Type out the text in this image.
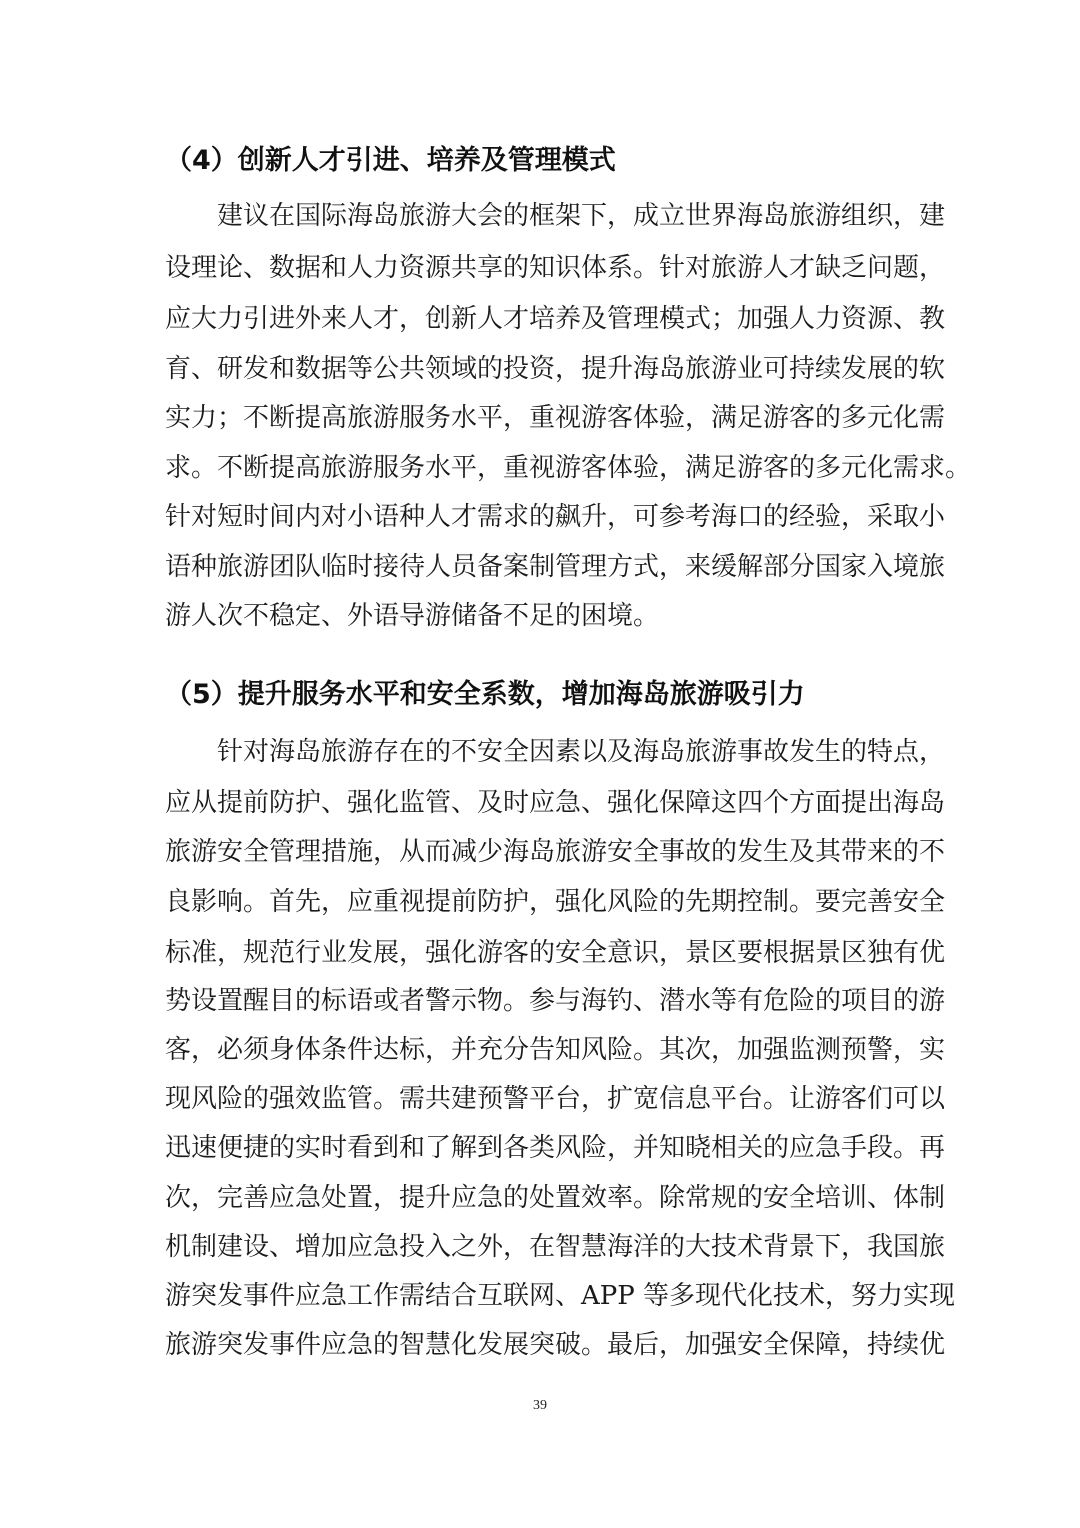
（4）创新人才引进、培养及管理模式
建议在国际海岛旅游大会的框架下，成立世界海岛旅游组织，建
设理论、数据和人力资源共享的知识体系。针对旅游人才缺乏问题，
应大力引进外来人才，创新人才培养及管理模式；加强人力资源、教
育、研发和数据等公共领域的投资，提升海岛旅游业可持续发展的软
实力；不断提高旅游服务水平，重视游客体验，满足游客的多元化需
求。不断提高旅游服务水平，重视游客体验，满足游客的多元化需求。
针对短时间内对小语种人才需求的飙升，可参考海口的经验，采取小
语种旅游团队临时接待人员备案制管理方式，来缓解部分国家入境旅
游人次不稳定、外语导游储备不足的困境。
（5）提升服务水平和安全系数，增加海岛旅游吸引力
针对海岛旅游存在的不安全因素以及海岛旅游事故发生的特点，
应从提前防护、强化监管、及时应急、强化保障这四个方面提出海岛
旅游安全管理措施，从而减少海岛旅游安全事故的发生及其带来的不
良影响。首先，应重视提前防护，强化风险的先期控制。要完善安全
标准，规范行业发展，强化游客的安全意识，景区要根据景区独有优
势设置醒目的标语或者警示物。参与海钓、潜水等有危险的项目的游
客，必须身体条件达标，并充分告知风险。其次，加强监测预警，实
现风险的强效监管。需共建预警平台，扩宽信息平台。让游客们可以
迅速便捷的实时看到和了解到各类风险，并知晓相关的应急手段。再
次，完善应急处置，提升应急的处置效率。除常规的安全培训、体制
机制建设、增加应急投入之外，在智慧海洋的大技术背景下，我国旅
游突发事件应急工作需结合互联网、APP 等多现代化技术，努力实现
旅游突发事件应急的智慧化发展突破。最后，加强安全保障，持续优
39
